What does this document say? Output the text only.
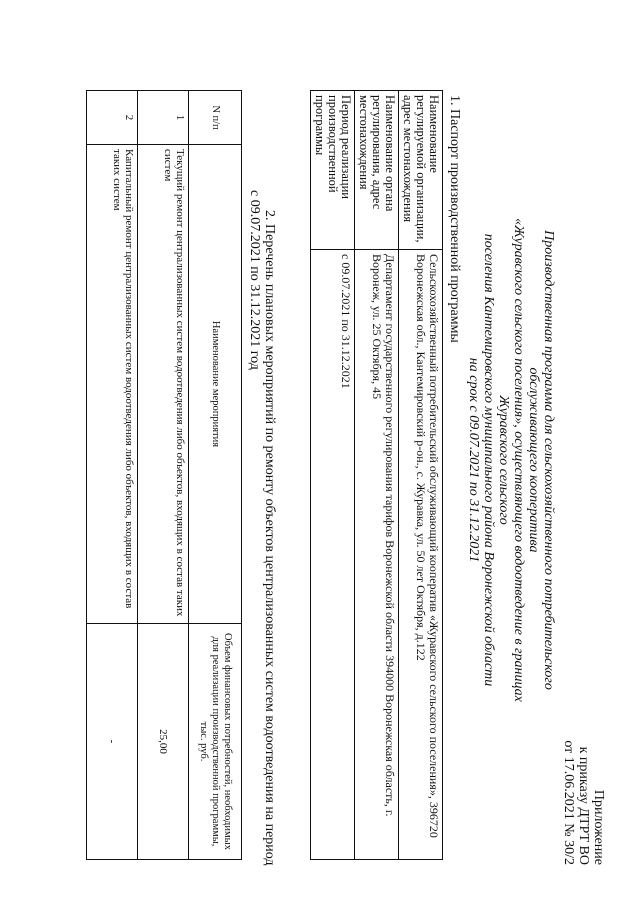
Приложение
к приказу ДТРТ ВО
от 17.06.2021 № 30/2
Производственная программа для сельскохозяйственного потребительского обслуживающего кооператива
«Журавского сельского поселения», осуществляющего водоотведение в границах Журавского сельского
поселения Кантемировского муниципального района Воронежской области
на срок с 09.07.2021 по 31.12.2021
1. Паспорт производственной программы
Наименование регулируемой организации, адрес местонахождения	Сельскохозяйственный потребительский обслуживающий кооператив «Журавского сельского поселения», 396720 Воронежская обл., Кантемировский р-он., с. Журавка, ул. 50 лет Октября, д.122
Наименование органа регулирования, адрес местонахождения	Департамент государственного регулирования тарифов Воронежской области 394000 Воронежская область, г. Воронеж, ул. 25 Октября, 45
Период реализации производственной программы	с 09.07.2021 по 31.12.2021
2. Перечень плановых мероприятий по ремонту объектов централизованных систем водоотведения на период с 09.07.2021 по 31.12.2021 год
N п/п	Наименование мероприятия	Объем финансовых потребностей, необходимых для реализации производственной программы, тыс. руб.
1	Текущий ремонт централизованных систем водоотведения либо объектов, входящих в состав таких систем	25,00
2	Капитальный ремонт централизованных систем водоотведения либо объектов, входящих в состав таких систем	-
